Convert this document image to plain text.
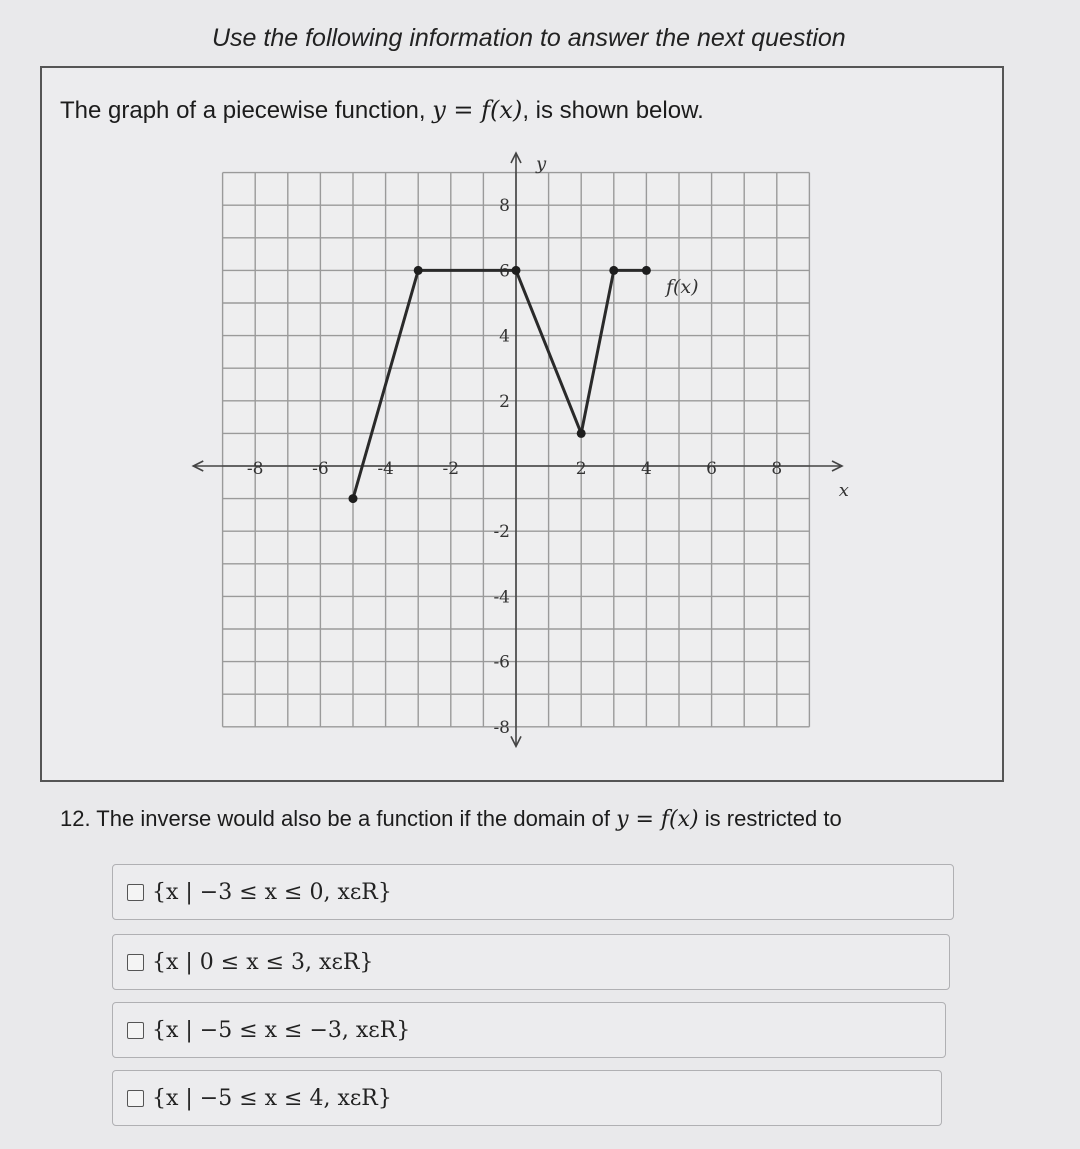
Use the following information to answer the next question
The graph of a piecewise function, y = f(x), is shown below.
-8	-6	-4	-2	2	4	6	8
8
6
4
2
-2
-4
-6
-8
x
y
f(x)
12. The inverse would also be a function if the domain of y = f(x) is restricted to
{x | −3 ≤ x ≤ 0, xεR}
{x | 0 ≤ x ≤ 3, xεR}
{x | −5 ≤ x ≤ −3, xεR}
{x | −5 ≤ x ≤ 4, xεR}
